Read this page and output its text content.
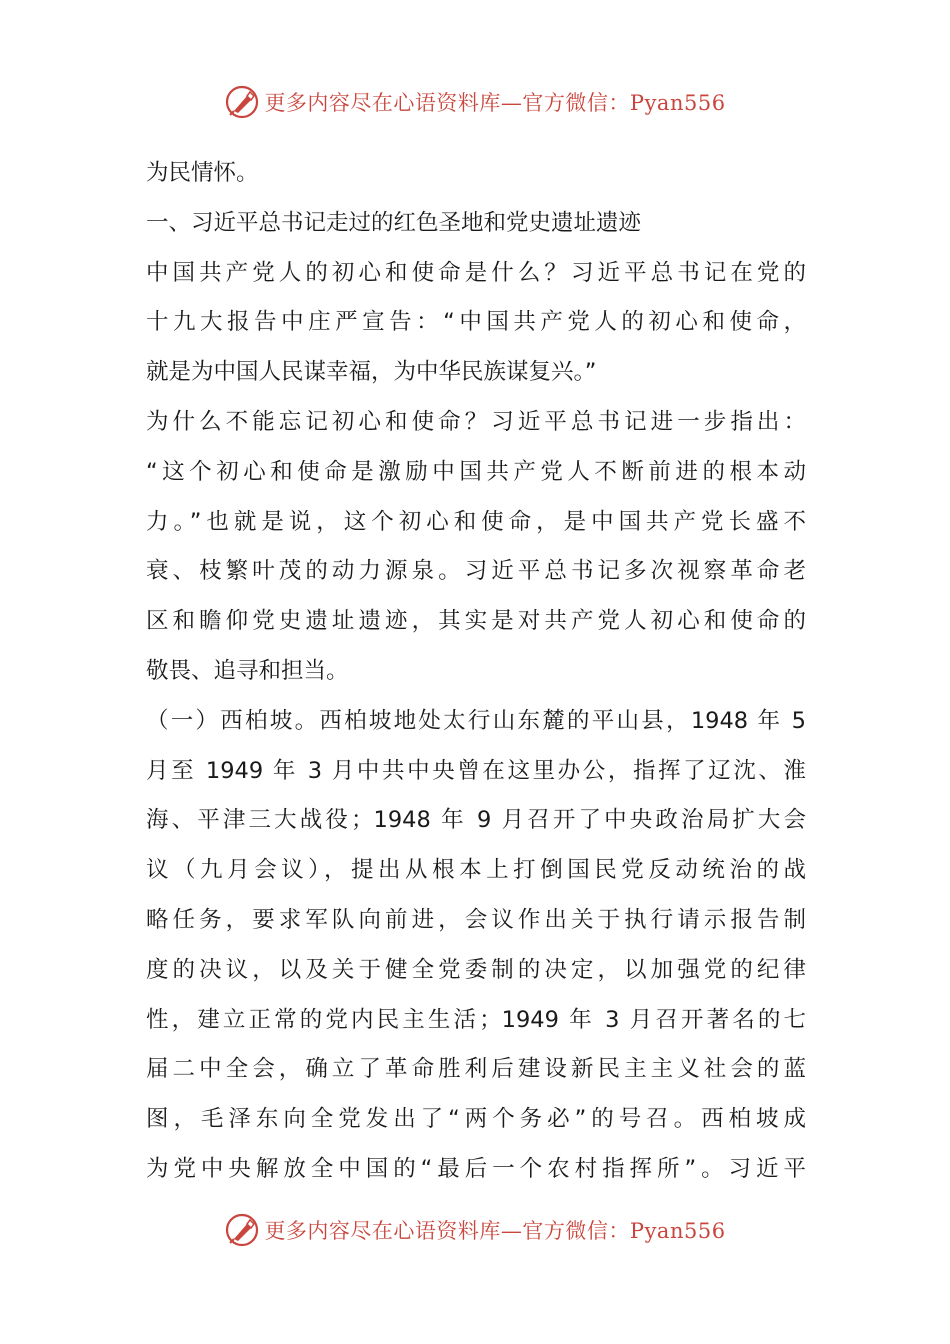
更多内容尽在心语资料库—官方微信：Pyan556
为民情怀。
一、习近平总书记走过的红色圣地和党史遗址遗迹
中国共产党人的初心和使命是什么？习近平总书记在党的
十九大报告中庄严宣告：“中国共产党人的初心和使命，
就是为中国人民谋幸福，为中华民族谋复兴。”
为什么不能忘记初心和使命？习近平总书记进一步指出：
“这个初心和使命是激励中国共产党人不断前进的根本动
力。”也就是说，这个初心和使命，是中国共产党长盛不
衰、枝繁叶茂的动力源泉。习近平总书记多次视察革命老
区和瞻仰党史遗址遗迹，其实是对共产党人初心和使命的
敬畏、追寻和担当。
（一）西柏坡。西柏坡地处太行山东麓的平山县，1948 年 5
月至 1949 年 3 月中共中央曾在这里办公，指挥了辽沈、淮
海、平津三大战役；1948 年 9 月召开了中央政治局扩大会
议（九月会议），提出从根本上打倒国民党反动统治的战
略任务，要求军队向前进，会议作出关于执行请示报告制
度的决议，以及关于健全党委制的决定，以加强党的纪律
性，建立正常的党内民主生活；1949 年 3 月召开著名的七
届二中全会，确立了革命胜利后建设新民主主义社会的蓝
图，毛泽东向全党发出了“两个务必”的号召。西柏坡成
为党中央解放全中国的“最后一个农村指挥所”。习近平
更多内容尽在心语资料库—官方微信：Pyan556
